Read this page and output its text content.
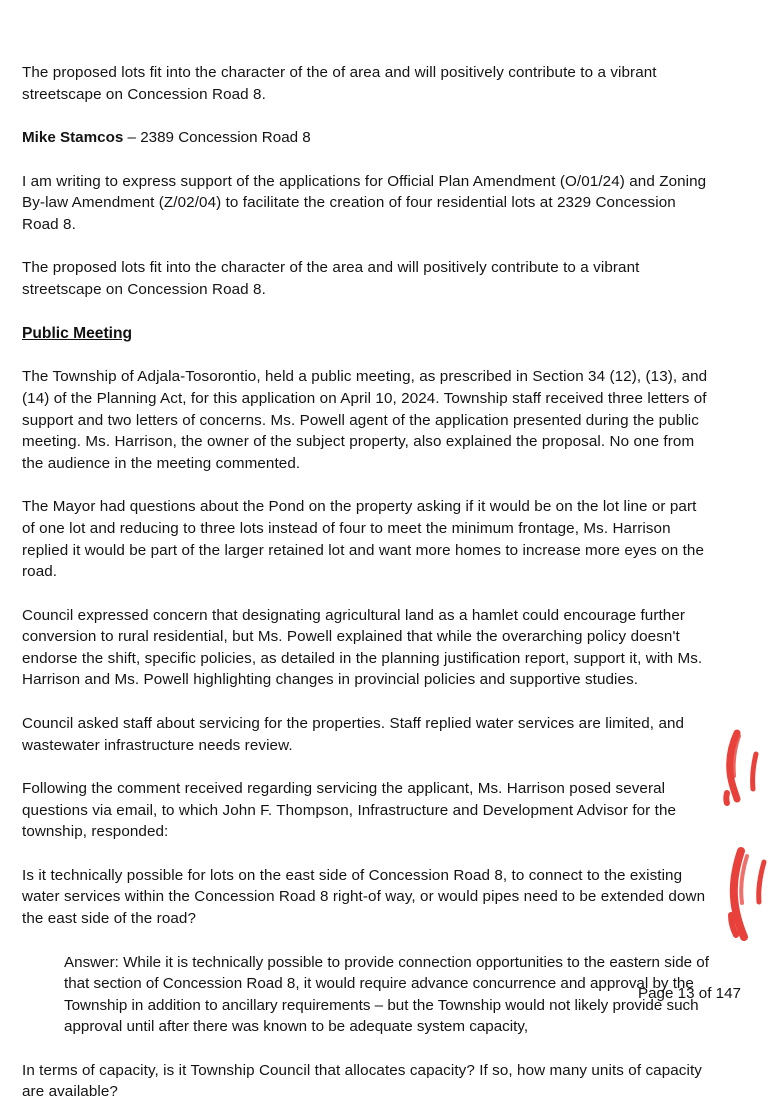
The proposed lots fit into the character of the of area and will positively contribute to a vibrant streetscape on Concession Road 8.

Mike Stamcos – 2389 Concession Road 8

I am writing to express support of the applications for Official Plan Amendment (O/01/24) and Zoning By-law Amendment (Z/02/04) to facilitate the creation of four residential lots at 2329 Concession Road 8.

The proposed lots fit into the character of the area and will positively contribute to a vibrant streetscape on Concession Road 8.

Public Meeting

The Township of Adjala-Tosorontio, held a public meeting, as prescribed in Section 34 (12), (13), and (14) of the Planning Act, for this application on April 10, 2024. Township staff received three letters of support and two letters of concerns. Ms. Powell agent of the application presented during the public meeting. Ms. Harrison, the owner of the subject property, also explained the proposal. No one from the audience in the meeting commented.

The Mayor had questions about the Pond on the property asking if it would be on the lot line or part of one lot and reducing to three lots instead of four to meet the minimum frontage, Ms. Harrison replied it would be part of the larger retained lot and want more homes to increase more eyes on the road.

Council expressed concern that designating agricultural land as a hamlet could encourage further conversion to rural residential, but Ms. Powell explained that while the overarching policy doesn't endorse the shift, specific policies, as detailed in the planning justification report, support it, with Ms. Harrison and Ms. Powell highlighting changes in provincial policies and supportive studies.

Council asked staff about servicing for the properties. Staff replied water services are limited, and wastewater infrastructure needs review.

Following the comment received regarding servicing the applicant, Ms. Harrison posed several questions via email, to which John F. Thompson, Infrastructure and Development Advisor for the township, responded:

Is it technically possible for lots on the east side of Concession Road 8, to connect to the existing water services within the Concession Road 8 right-of way, or would pipes need to be extended down the east side of the road?

Answer: While it is technically possible to provide connection opportunities to the eastern side of that section of Concession Road 8, it would require advance concurrence and approval by the Township in addition to ancillary requirements – but the Township would not likely provide such approval until after there was known to be adequate system capacity,

In terms of capacity, is it Township Council that allocates capacity? If so, how many units of capacity are available?

Page 13 of 147
